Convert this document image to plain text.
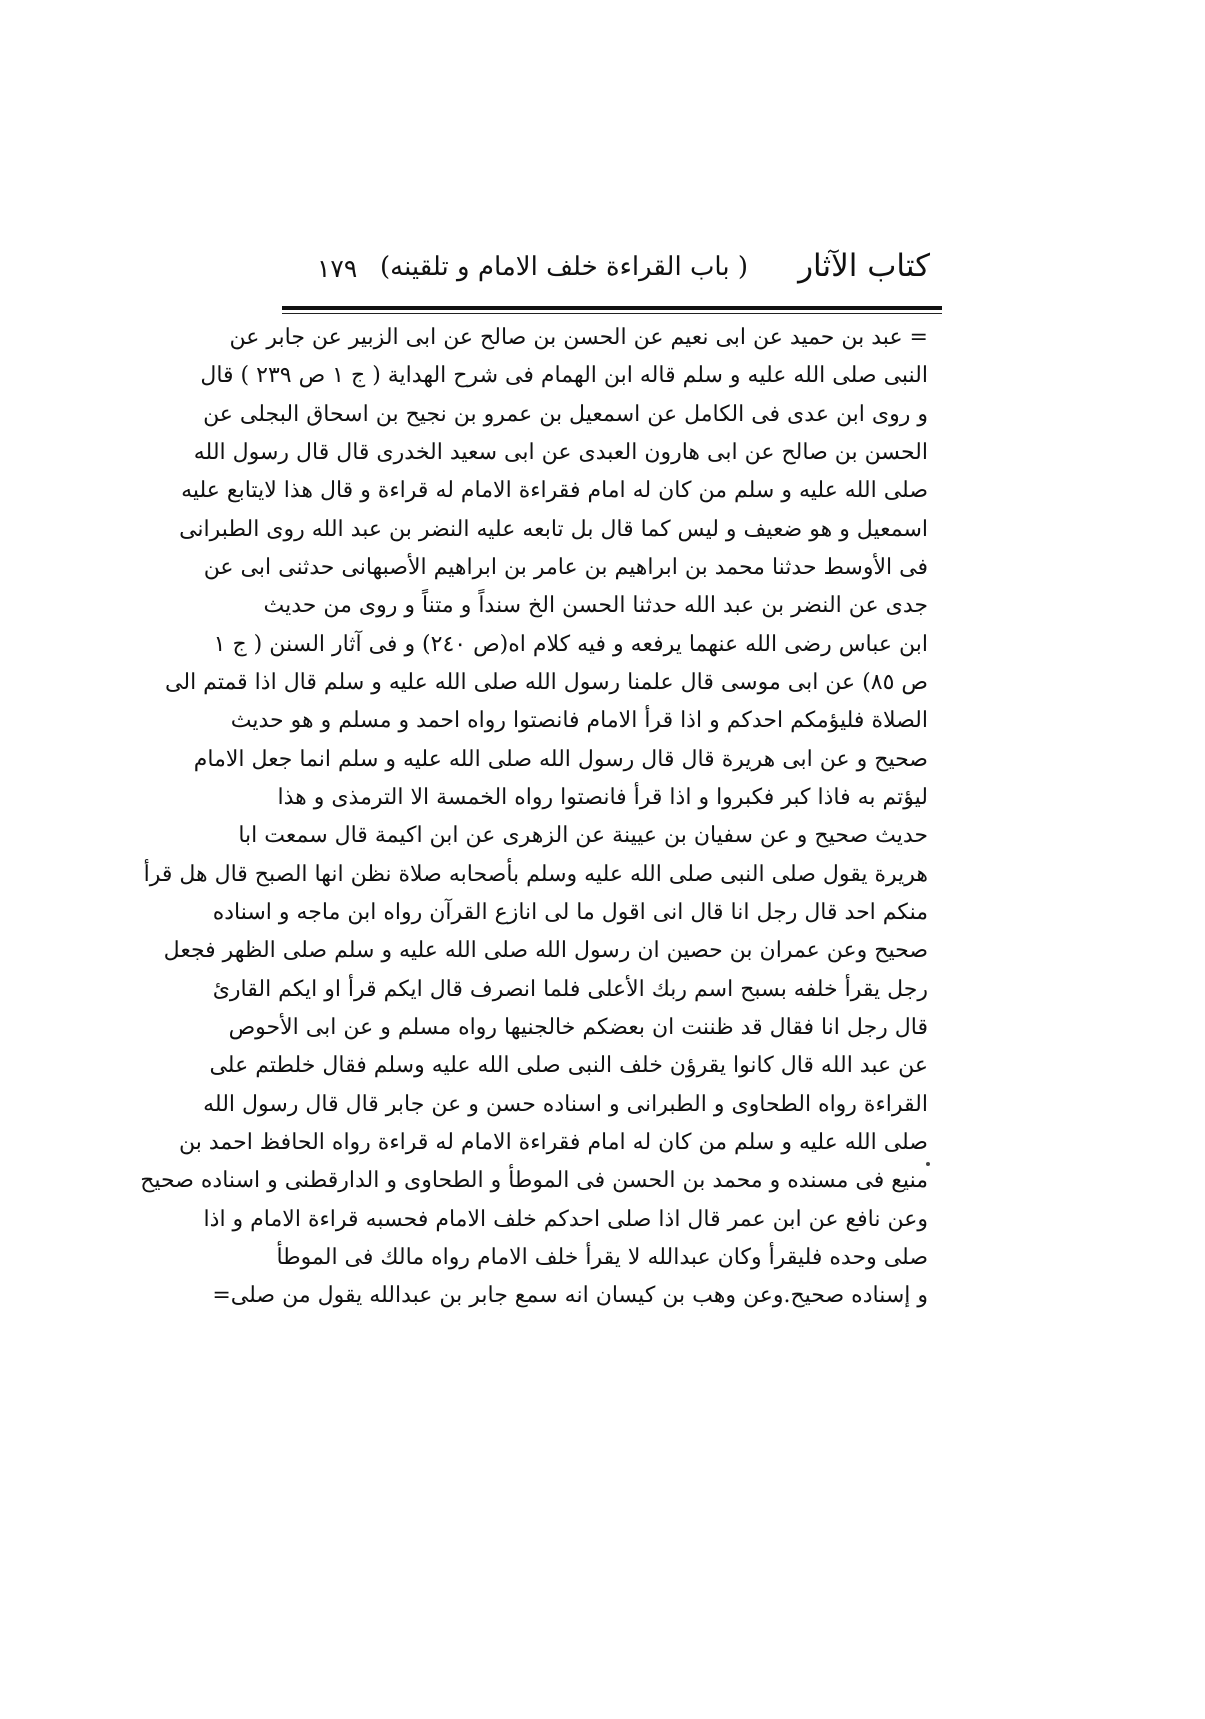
كتاب الآثار
( باب القراءة خلف الامام و تلقينه)
١٧٩
= عبد بن حميد عن ابى نعيم عن الحسن بن صالح عن ابى الزبير عن جابر عن
النبى صلى الله عليه و سلم قاله ابن الهمام فى شرح الهداية ( ج ١ ص ٢٣٩ ) قال
و روى ابن عدى فى الكامل عن اسمعيل بن عمرو بن نجيح بن اسحاق البجلى عن
الحسن بن صالح عن ابى هارون العبدى عن ابى سعيد الخدرى قال قال رسول الله
صلى الله عليه و سلم من كان له امام فقراءة الامام له قراءة و قال هذا لايتابع عليه
اسمعيل و هو ضعيف و ليس كما قال بل تابعه عليه النضر بن عبد الله روى الطبرانى
فى الأوسط حدثنا محمد بن ابراهيم بن عامر بن ابراهيم الأصبهانى حدثنى ابى عن
جدى عن النضر بن عبد الله حدثنا الحسن الخ سنداً و متناً و روى من حديث
ابن عباس رضى الله عنهما يرفعه و فيه كلام اه(ص ٢٤٠) و فى آثار السنن ( ج ١
ص ٨٥) عن ابى موسى قال علمنا رسول الله صلى الله عليه و سلم قال اذا قمتم الى
الصلاة فليؤمكم احدكم و اذا قرأ الامام فانصتوا رواه احمد و مسلم و هو حديث
صحيح و عن ابى هريرة قال قال رسول الله صلى الله عليه و سلم انما جعل الامام
ليؤتم به فاذا كبر فكبروا و اذا قرأ فانصتوا رواه الخمسة الا الترمذى و هذا
حديث صحيح و عن سفيان بن عيينة عن الزهرى عن ابن اكيمة قال سمعت ابا
هريرة يقول صلى النبى صلى الله عليه وسلم بأصحابه صلاة نظن انها الصبح قال هل قرأ
منكم احد قال رجل انا قال انى اقول ما لى انازع القرآن رواه ابن ماجه و اسناده
صحيح وعن عمران بن حصين ان رسول الله صلى الله عليه و سلم صلى الظهر فجعل
رجل يقرأ خلفه بسبح اسم ربك الأعلى فلما انصرف قال ايكم قرأ او ايكم القارئ
قال رجل انا فقال قد ظننت ان بعضكم خالجنيها رواه مسلم و عن ابى الأحوص
عن عبد الله قال كانوا يقرؤن خلف النبى صلى الله عليه وسلم فقال خلطتم على
القراءة رواه الطحاوى و الطبرانى و اسناده حسن و عن جابر قال قال رسول الله
صلى الله عليه و سلم من كان له امام فقراءة الامام له قراءة رواه الحافظ احمد بن
منيع فى مسنده و محمد بن الحسن فى الموطأ و الطحاوى و الدارقطنى و اسناده صحيح
وعن نافع عن ابن عمر قال اذا صلى احدكم خلف الامام فحسبه قراءة الامام و اذا
صلى وحده فليقرأ وكان عبدالله لا يقرأ خلف الامام رواه مالك فى الموطأ
و إسناده صحيح.وعن وهب بن كيسان انه سمع جابر بن عبدالله يقول من صلى=
